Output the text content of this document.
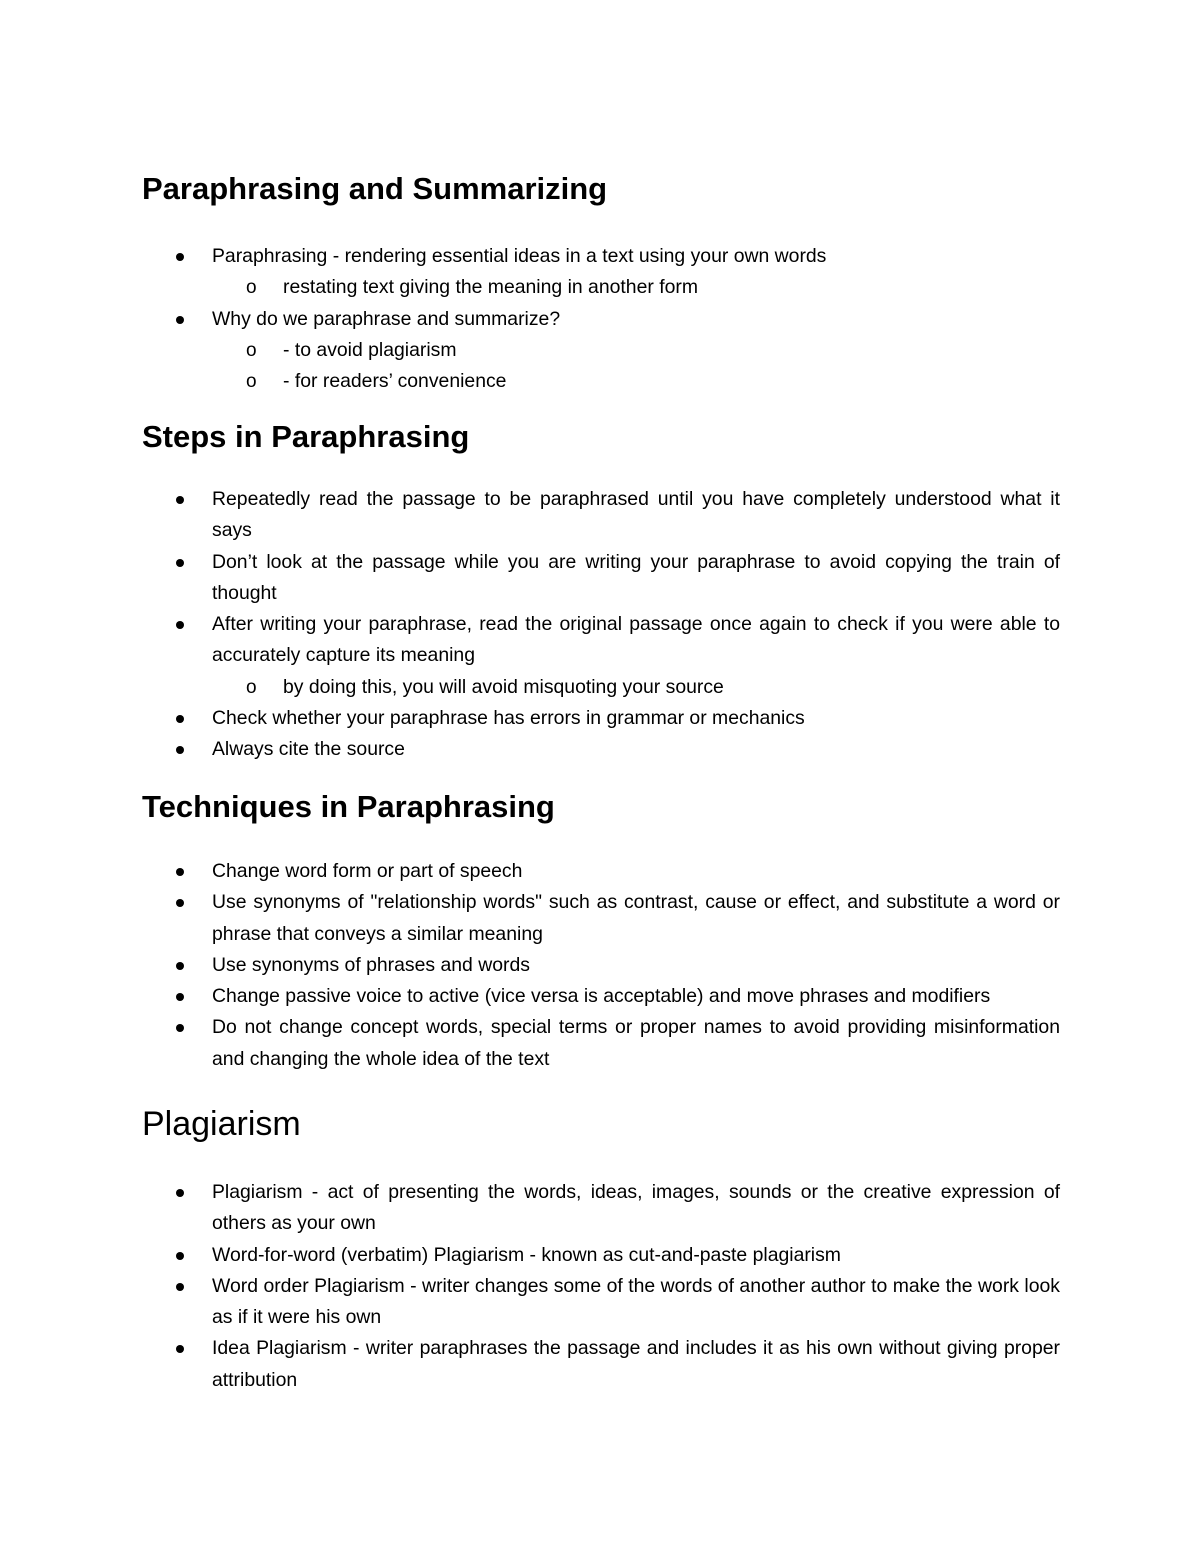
Paraphrasing and Summarizing
Paraphrasing - rendering essential ideas in a text using your own words
o restating text giving the meaning in another form
Why do we paraphrase and summarize?
o - to avoid plagiarism
o - for readers’ convenience
Steps in Paraphrasing
Repeatedly read the passage to be paraphrased until you have completely understood what it says
Don’t look at the passage while you are writing your paraphrase to avoid copying the train of thought
After writing your paraphrase, read the original passage once again to check if you were able to accurately capture its meaning
o by doing this, you will avoid misquoting your source
Check whether your paraphrase has errors in grammar or mechanics
Always cite the source
Techniques in Paraphrasing
Change word form or part of speech
Use synonyms of "relationship words" such as contrast, cause or effect, and substitute a word or phrase that conveys a similar meaning
Use synonyms of phrases and words
Change passive voice to active (vice versa is acceptable) and move phrases and modifiers
Do not change concept words, special terms or proper names to avoid providing misinformation and changing the whole idea of the text
Plagiarism
Plagiarism - act of presenting the words, ideas, images, sounds or the creative expression of others as your own
Word-for-word (verbatim) Plagiarism - known as cut-and-paste plagiarism
Word order Plagiarism - writer changes some of the words of another author to make the work look as if it were his own
Idea Plagiarism - writer paraphrases the passage and includes it as his own without giving proper attribution
